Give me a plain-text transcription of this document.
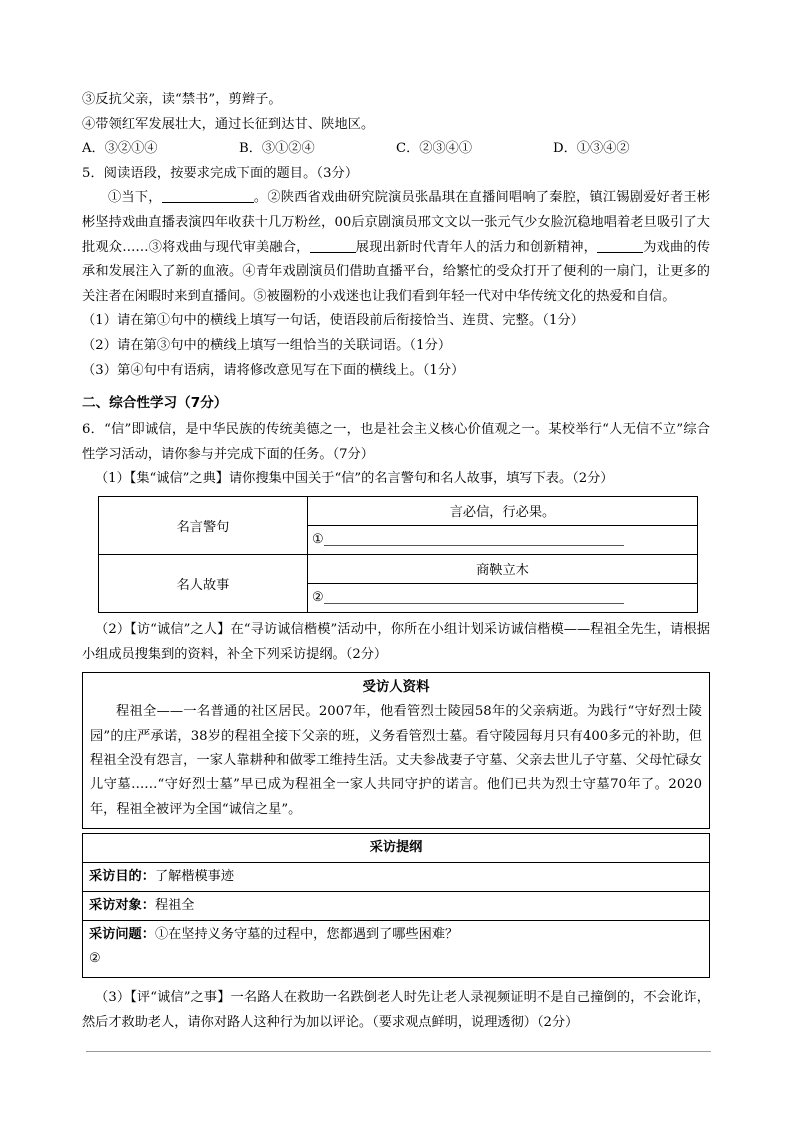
③反抗父亲，读“禁书”，剪辫子。
④带领红军发展壮大，通过长征到达甘、陕地区。
A．③②①④	B．③①②④	C．②③④①	D．①③④②
5．阅读语段，按要求完成下面的题目。（3分）

①当下，	。②陕西省戏曲研究院演员张晶琪在直播间唱响了秦腔，镇江锡剧爱好者王彬彬坚持戏曲直播表演四年收获十几万粉丝，00后京剧演员邢文文以一张元气少女脸沉稳地唱着老旦吸引了大批观众……③将戏曲与现代审美融合，	展现出新时代青年人的活力和创新精神，	为戏曲的传承和发展注入了新的血液。④青年戏剧演员们借助直播平台，给繁忙的受众打开了便利的一扇门，让更多的关注者在闲暇时来到直播间。⑤被圈粉的小戏迷也让我们看到年轻一代对中华传统文化的热爱和自信。

（1）请在第①句中的横线上填写一句话，使语段前后衔接恰当、连贯、完整。（1分）
（2）请在第③句中的横线上填写一组恰当的关联词语。（1分）
（3）第④句中有语病，请将修改意见写在下面的横线上。（1分）
二、综合性学习（7分）

6．“信”即诚信，是中华民族的传统美德之一，也是社会主义核心价值观之一。某校举行“人无信不立”综合性学习活动，请你参与并完成下面的任务。（7分）

（1）【集“诚信”之典】请你搜集中国关于“信”的名言警句和名人故事，填写下表。（2分）

名言警句	言必信，行必果。
	①
名人故事	商鞅立木
	②

（2）【访“诚信”之人】在“寻访诚信楷模”活动中，你所在小组计划采访诚信楷模——程祖全先生，请根据小组成员搜集到的资料，补全下列采访提纲。（2分）

受访人资料

程祖全——一名普通的社区居民。2007年，他看管烈士陵园58年的父亲病逝。为践行“守好烈士陵园”的庄严承诺，38岁的程祖全接下父亲的班，义务看管烈士墓。看守陵园每月只有400多元的补助，但程祖全没有怨言，一家人靠耕种和做零工维持生活。丈夫参战妻子守墓、父亲去世儿子守墓、父母忙碌女儿守墓……“守好烈士墓”早已成为程祖全一家人共同守护的诺言。他们已共为烈士守墓70年了。2020年，程祖全被评为全国“诚信之星”。

采访提纲
采访目的：了解楷模事迹
采访对象：程祖全

采访问题：①在坚持义务守墓的过程中，您都遇到了哪些困难？
②

（3）【评“诚信”之事】一名路人在救助一名跌倒老人时先让老人录视频证明不是自己撞倒的，不会讹诈，然后才救助老人，请你对路人这种行为加以评论。（要求观点鲜明，说理透彻）（2分）
